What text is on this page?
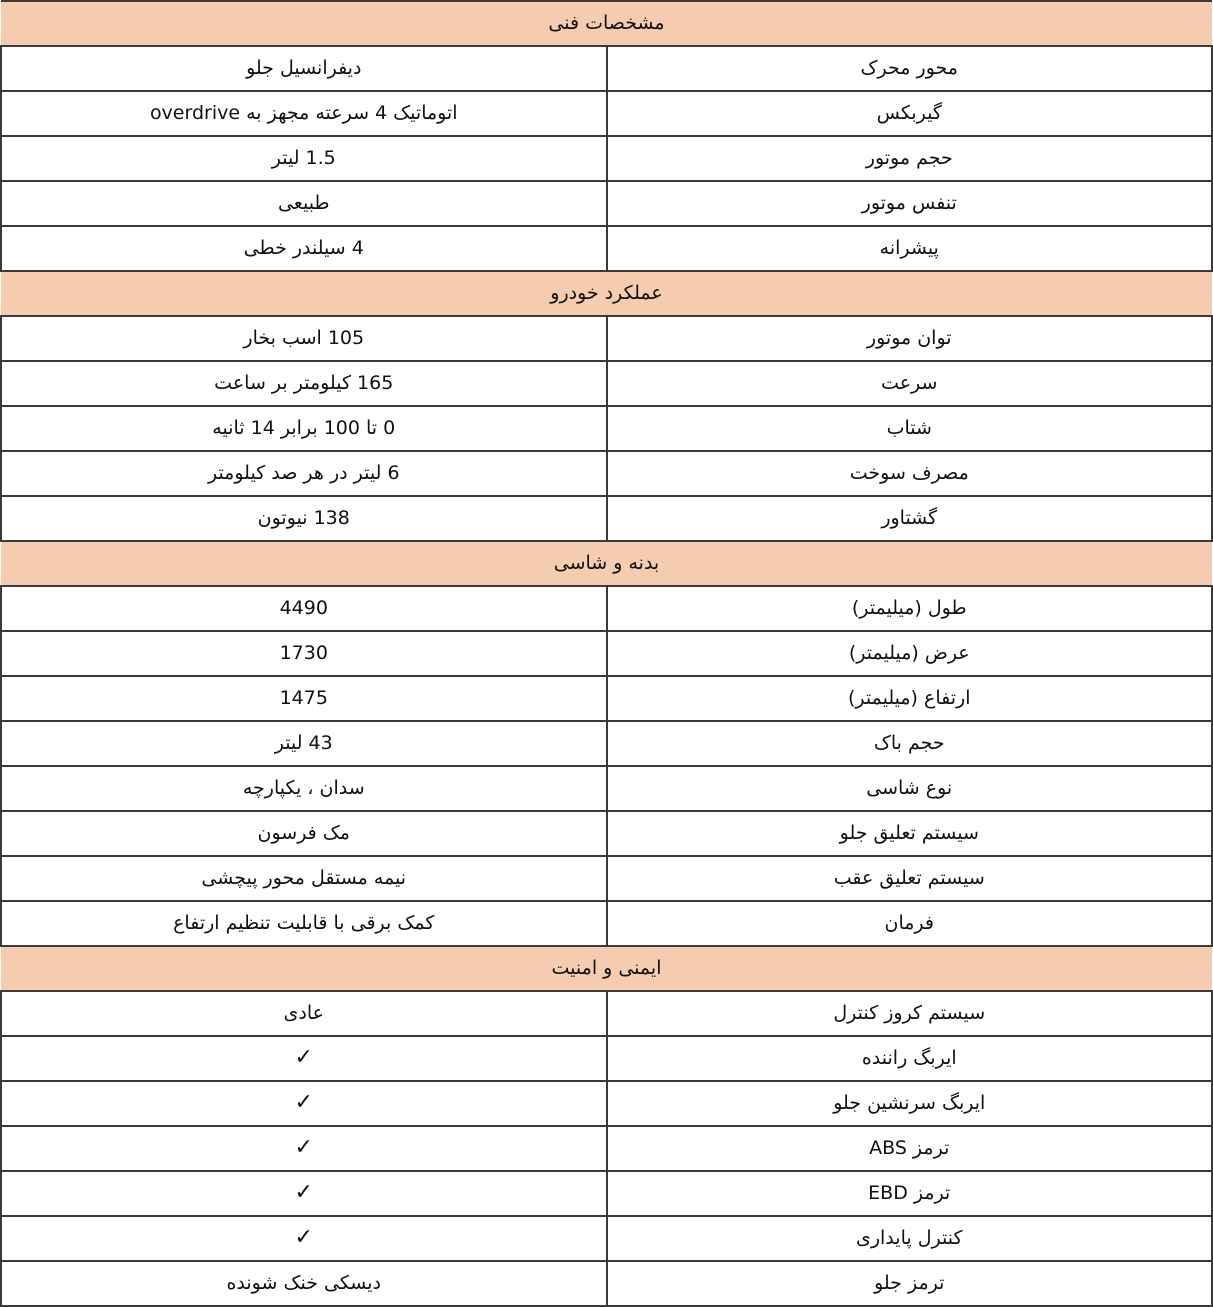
مشخصات فنی	
محور محرک	دیفرانسیل جلو
گیربکس	اتوماتیک 4 سرعته مجهز به overdrive
حجم موتور	1.5 لیتر
تنفس موتور	طبیعی
پیشرانه	4 سیلندر خطی
عملکرد خودرو	
توان موتور	105 اسب بخار
سرعت	165 کیلومتر بر ساعت
شتاب	0 تا 100 برابر 14 ثانیه
مصرف سوخت	6 لیتر در هر صد کیلومتر
گشتاور	138 نیوتون
بدنه و شاسی	
طول (میلیمتر)	4490
عرض (میلیمتر)	1730
ارتفاع (میلیمتر)	1475
حجم باک	43 لیتر
نوع شاسی	سدان ، یکپارچه
سیستم تعلیق جلو	مک فرسون
سیستم تعلیق عقب	نیمه مستقل محور پیچشی
فرمان	کمک برقی با قابلیت تنظیم ارتفاع
ایمنی و امنیت	
سیستم کروز کنترل	عادی
ایربگ راننده	✓
ایربگ سرنشین جلو	✓
ترمز ABS	✓
ترمز EBD	✓
کنترل پایداری	✓
ترمز جلو	دیسکی خنک شونده
